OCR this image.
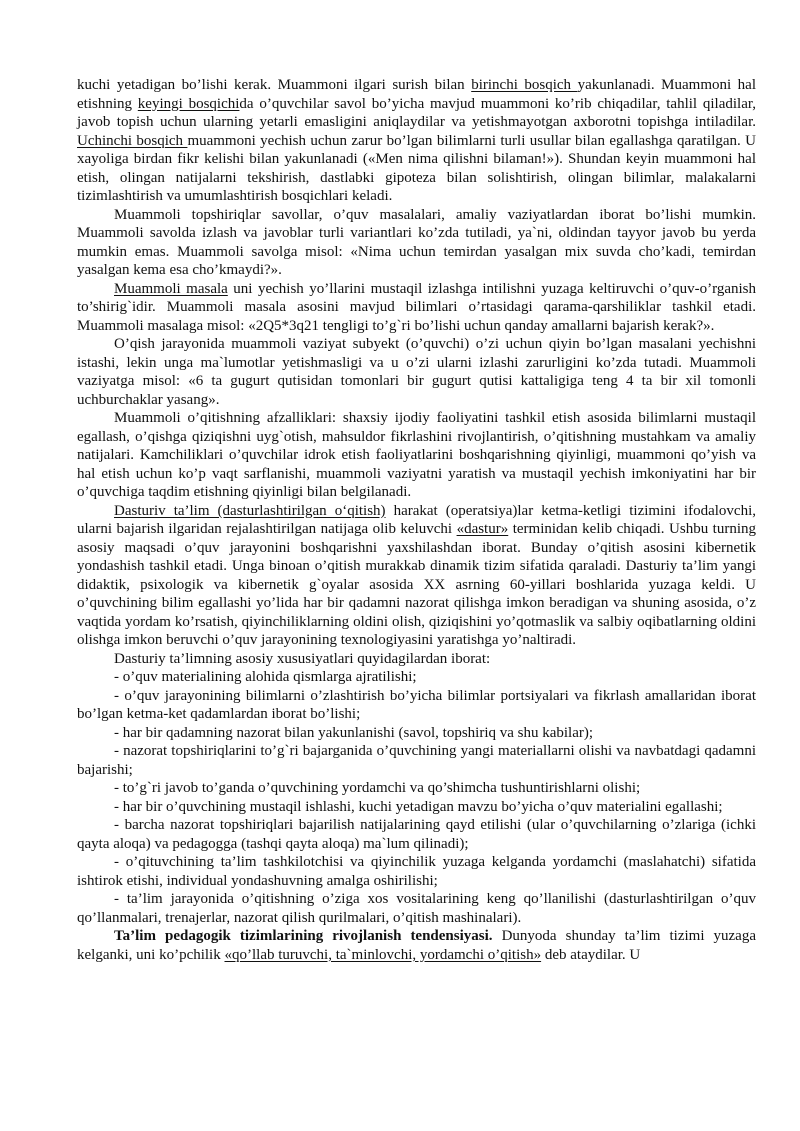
kuchi yetadigan bo’lishi kerak. Muammoni ilgari surish bilan birinchi bosqich yakunlanadi. Muammoni hal etishning keyingi bosqichida o’quvchilar savol bo’yicha mavjud muammoni ko’rib chiqadilar, tahlil qiladilar, javob topish uchun ularning yetarli emasligini aniqlaydilar va yetishmayotgan axborotni topishga intiladilar. Uchinchi bosqich muammoni yechish uchun zarur bo’lgan bilimlarni turli usullar bilan egallashga qaratilgan. U xayoliga birdan fikr kelishi bilan yakunlanadi («Men nima qilishni bilaman!»). Shundan keyin muammoni hal etish, olingan natijalarni tekshirish, dastlabki gipoteza bilan solishtirish, olingan bilimlar, malakalarni tizimlashtirish va umumlashtirish bosqichlari keladi.

Muammoli topshiriqlar savollar, o’quv masalalari, amaliy vaziyatlardan iborat bo’lishi mumkin. Muammoli savolda izlash va javoblar turli variantlari ko’zda tutiladi, ya`ni, oldindan tayyor javob bu yerda mumkin emas. Muammoli savolga misol: «Nima uchun temirdan yasalgan mix suvda cho’kadi, temirdan yasalgan kema esa cho’kmaydi?».

Muammoli masala uni yechish yo’llarini mustaqil izlashga intilishni yuzaga keltiruvchi o’quv-o’rganish to’shirig`idir. Muammoli masala asosini mavjud bilimlari o’rtasidagi qarama-qarshiliklar tashkil etadi. Muammoli masalaga misol: «2Q5*3q21 tengligi to’g`ri bo’lishi uchun qanday amallarni bajarish kerak?».

O’qish jarayonida muammoli vaziyat subyekt (o’quvchi) o’zi uchun qiyin bo’lgan masalani yechishni istashi, lekin unga ma`lumotlar yetishmasligi va u o’zi ularni izlashi zarurligini ko’zda tutadi. Muammoli vaziyatga misol: «6 ta gugurt qutisidan tomonlari bir gugurt qutisi kattaligiga teng 4 ta bir xil tomonli uchburchaklar yasang».

Muammoli o’qitishning afzalliklari: shaxsiy ijodiy faoliyatini tashkil etish asosida bilimlarni mustaqil egallash, o’qishga qiziqishni uyg`otish, mahsuldor fikrlashini rivojlantirish, o’qitishning mustahkam va amaliy natijalari. Kamchiliklari o’quvchilar idrok etish faoliyatlarini boshqarishning qiyinligi, muammoni qo’yish va hal etish uchun ko’p vaqt sarflanishi, muammoli vaziyatni yaratish va mustaqil yechish imkoniyatini har bir o’quvchiga taqdim etishning qiyinligi bilan belgilanadi.

Dasturiv ta’lim (dasturlashtirilgan o‘qitish) harakat (operatsiya)lar ketma-ketligi tizimini ifodalovchi, ularni bajarish ilgaridan rejalashtirilgan natijaga olib keluvchi «dastur» terminidan kelib chiqadi. Ushbu turning asosiy maqsadi o’quv jarayonini boshqarishni yaxshilashdan iborat. Bunday o’qitish asosini kibernetik yondashish tashkil etadi. Unga binoan o’qitish murakkab dinamik tizim sifatida qaraladi. Dasturiy ta’lim yangi didaktik, psixologik va kibernetik g`oyalar asosida XX asrning 60-yillari boshlarida yuzaga keldi. U o’quvchining bilim egallashi yo’lida har bir qadamni nazorat qilishga imkon beradigan va shuning asosida, o’z vaqtida yordam ko’rsatish, qiyinchiliklarning oldini olish, qiziqishini yo’qotmaslik va salbiy oqibatlarning oldini olishga imkon beruvchi o’quv jarayonining texnologiyasini yaratishga yo’naltiradi.

Dasturiy ta’limning asosiy xususiyatlari quyidagilardan iborat:

- o’quv materialining alohida qismlarga ajratilishi;

- o’quv jarayonining bilimlarni o’zlashtirish bo’yicha bilimlar portsiyalari va fikrlash amallaridan iborat bo’lgan ketma-ket qadamlardan iborat bo’lishi;

- har bir qadamning nazorat bilan yakunlanishi (savol, topshiriq va shu kabilar);

- nazorat topshiriqlarini to’g`ri bajarganida o’quvchining yangi materiallarni olishi va navbatdagi qadamni bajarishi;

- to’g`ri javob to’ganda o’quvchining yordamchi va qo’shimcha tushuntirishlarni olishi;

- har bir o’quvchining mustaqil ishlashi, kuchi yetadigan mavzu bo’yicha o’quv materialini egallashi;

- barcha nazorat topshiriqlari bajarilish natijalarining qayd etilishi (ular o’quvchilarning o’zlariga (ichki qayta aloqa) va pedagogga (tashqi qayta aloqa) ma`lum qilinadi);

- o’qituvchining ta’lim tashkilotchisi va qiyinchilik yuzaga kelganda yordamchi (maslahatchi) sifatida ishtirok etishi, individual yondashuvning amalga oshirilishi;

- ta’lim jarayonida o’qitishning o’ziga xos vositalarining keng qo’llanilishi (dasturlashtirilgan o’quv qo’llanmalari, trenajerlar, nazorat qilish qurilmalari, o’qitish mashinalari).

Ta’lim pedagogik tizimlarining rivojlanish tendensiyasi. Dunyoda shunday ta’lim tizimi yuzaga kelganki, uni ko’pchilik «qo’llab turuvchi, ta`minlovchi, yordamchi o’qitish» deb ataydilar. U
